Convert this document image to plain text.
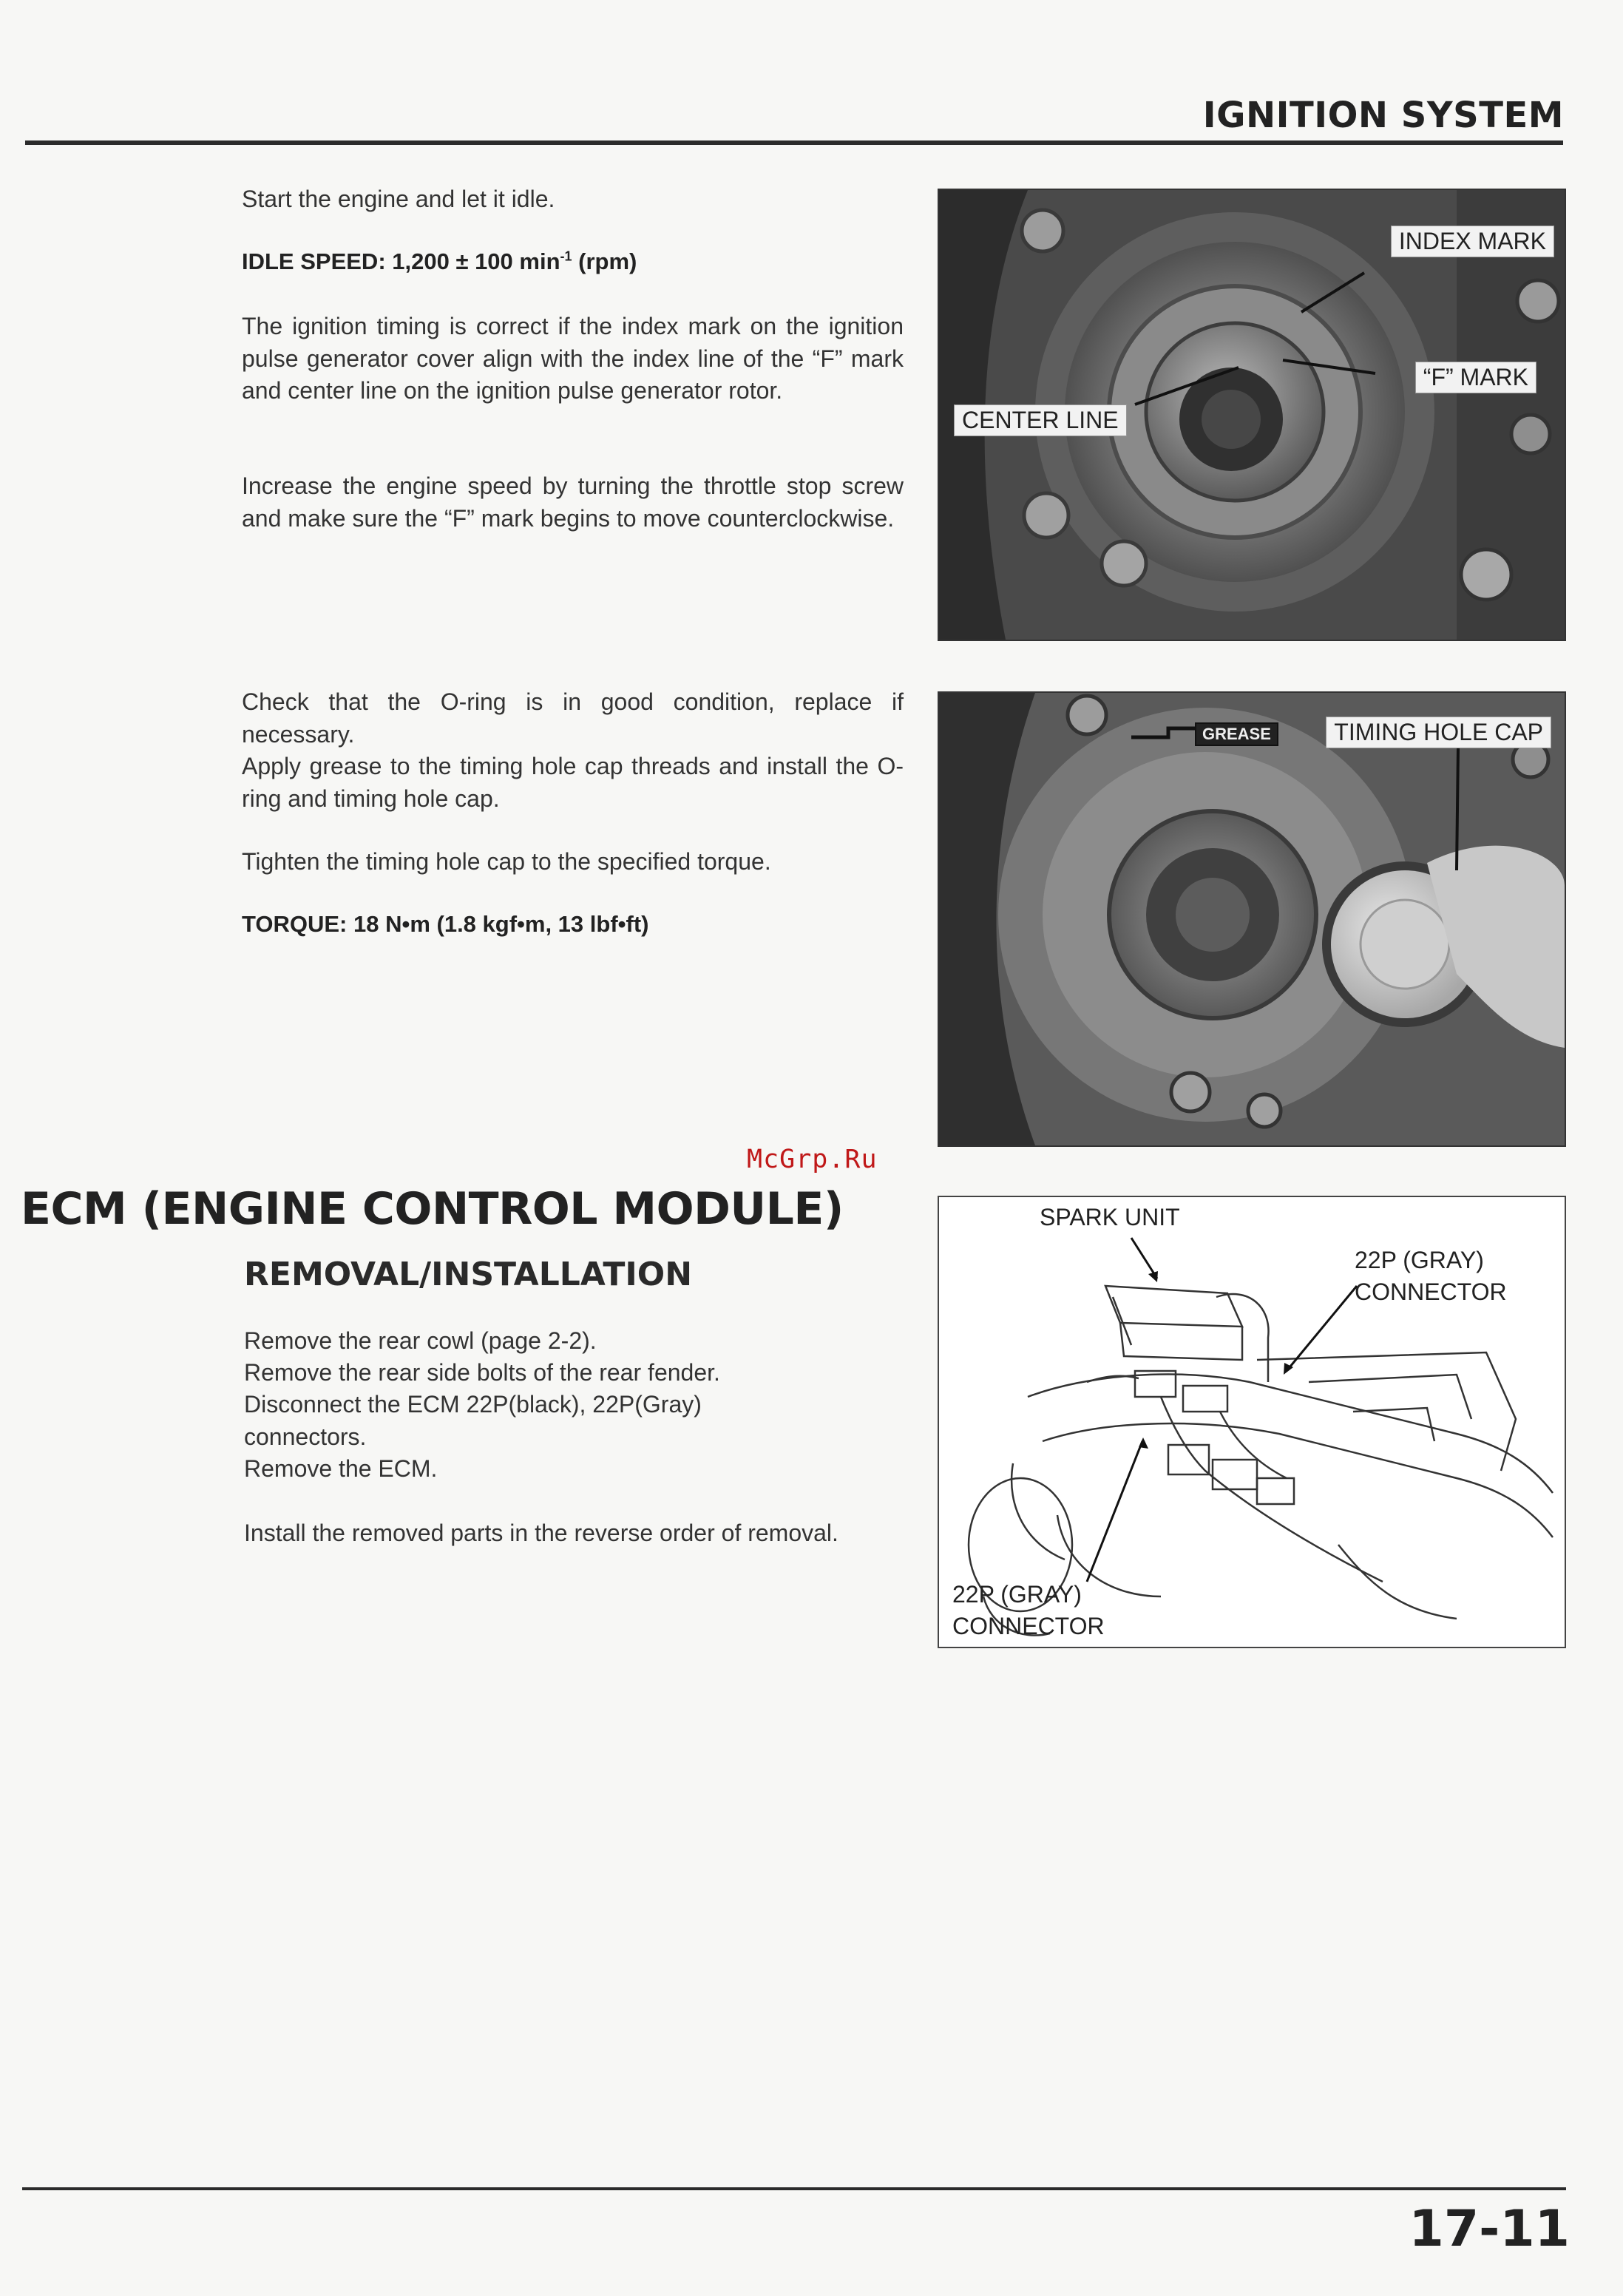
IGNITION SYSTEM
Start the engine and let it idle.
IDLE SPEED: 1,200 ± 100 $\min^{-1} (rpm)$
The ignition timing is correct if the index mark on the ignition pulse generator cover align with the index line of the “F” mark and center line on the ignition pulse generator rotor.
Increase the engine speed by turning the throttle stop screw and make sure the “F” mark begins to move counterclockwise.
INDEX MARK
“F” MARK
CENTER LINE
Check that the O-ring is in good condition, replace if necessary.
Apply grease to the timing hole cap threads and install the O-ring and timing hole cap.
Tighten the timing hole cap to the specified torque.
TORQUE: 18 N•m (1.8 kgf•m, 13 lbf•ft)
GREASE	TIMING HOLE CAP
McGrp.Ru
ECM (ENGINE CONTROL MODULE)
REMOVAL/INSTALLATION
Remove the rear cowl (page 2-2).
Remove the rear side bolts of the rear fender.
Disconnect the ECM 22P(black), 22P(Gray) connectors.
Remove the ECM.
Install the removed parts in the reverse order of removal.
SPARK UNIT
22P (GRAY)
CONNECTOR
22P (GRAY)
CONNECTOR
17-11
